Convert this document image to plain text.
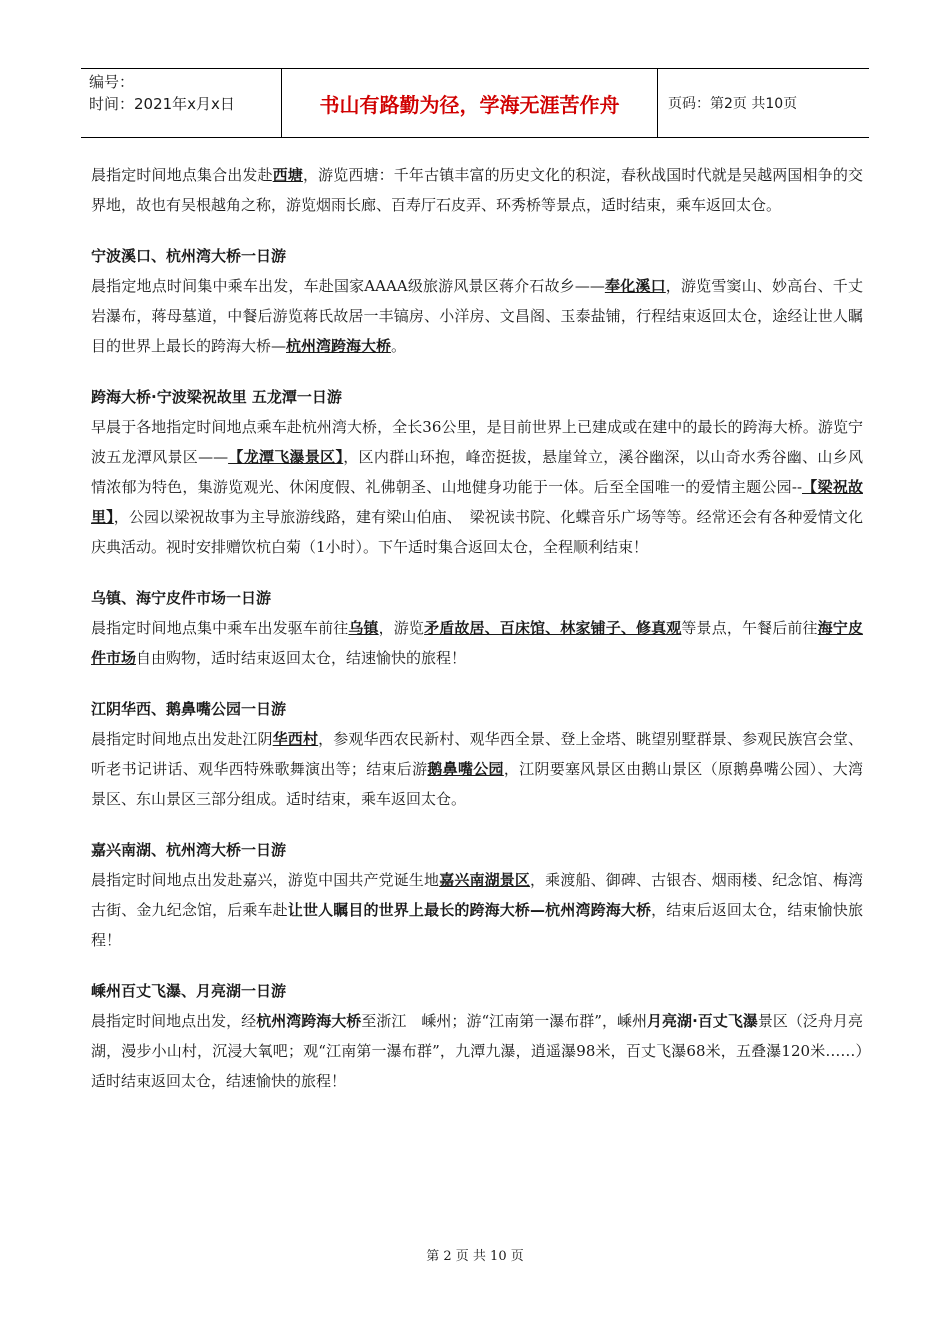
编号：
时间：2021年x月x日	书山有路勤为径，学海无涯苦作舟	页码：第2页 共10页

晨指定时间地点集合出发赴西塘，游览西塘：千年古镇丰富的历史文化的积淀，春秋战国时代就是吴越两国相争的交界地，故也有吴根越角之称，游览烟雨长廊、百寿厅石皮弄、环秀桥等景点，适时结束，乘车返回太仓。

宁波溪口、杭州湾大桥一日游

晨指定地点时间集中乘车出发，车赴国家AAAA级旅游风景区蒋介石故乡——奉化溪口，游览雪窦山、妙高台、千丈岩瀑布，蒋母墓道，中餐后游览蒋氏故居一丰镐房、小洋房、文昌阁、玉泰盐铺，行程结束返回太仓，途经让世人瞩目的世界上最长的跨海大桥—杭州湾跨海大桥。

跨海大桥·宁波梁祝故里 五龙潭一日游

早晨于各地指定时间地点乘车赴杭州湾大桥，全长36公里，是目前世界上已建成或在建中的最长的跨海大桥。游览宁波五龙潭风景区——【龙潭飞瀑景区】，区内群山环抱，峰峦挺拔，悬崖耸立，溪谷幽深，以山奇水秀谷幽、山乡风情浓郁为特色，集游览观光、休闲度假、礼佛朝圣、山地健身功能于一体。后至全国唯一的爱情主题公园--【梁祝故里】，公园以梁祝故事为主导旅游线路，建有梁山伯庙、　梁祝读书院、化蝶音乐广场等等。经常还会有各种爱情文化庆典活动。视时安排赠饮杭白菊（1小时）。下午适时集合返回太仓，全程顺利结束！

乌镇、海宁皮件市场一日游

晨指定时间地点集中乘车出发驱车前往乌镇，游览矛盾故居、百床馆、林家铺子、修真观等景点，午餐后前往海宁皮件市场自由购物，适时结束返回太仓，结速愉快的旅程！

江阴华西、鹅鼻嘴公园一日游

晨指定时间地点出发赴江阴华西村，参观华西农民新村、观华西全景、登上金塔、眺望别墅群景、参观民族宫会堂、听老书记讲话、观华西特殊歌舞演出等；结束后游鹅鼻嘴公园，江阴要塞风景区由鹅山景区（原鹅鼻嘴公园）、大湾景区、东山景区三部分组成。适时结束，乘车返回太仓。

嘉兴南湖、杭州湾大桥一日游

晨指定时间地点出发赴嘉兴，游览中国共产党诞生地嘉兴南湖景区，乘渡船、御碑、古银杏、烟雨楼、纪念馆、梅湾古街、金九纪念馆，后乘车赴让世人瞩目的世界上最长的跨海大桥—杭州湾跨海大桥，结束后返回太仓，结束愉快旅程！

嵊州百丈飞瀑、月亮湖一日游

晨指定时间地点出发，经杭州湾跨海大桥至浙江　嵊州；游“江南第一瀑布群”，嵊州月亮湖·百丈飞瀑景区（泛舟月亮湖，漫步小山村，沉浸大氧吧；观“江南第一瀑布群”，九潭九瀑，逍遥瀑98米，百丈飞瀑68米，五叠瀑120米……）适时结束返回太仓，结速愉快的旅程！

第 2 页 共 10 页
